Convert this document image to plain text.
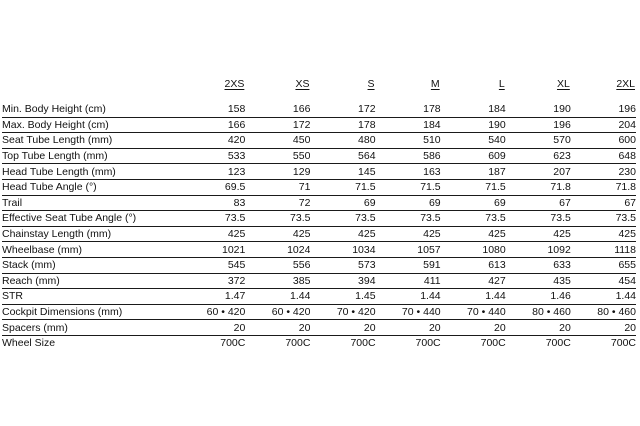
	2XS	XS	S	M	L	XL	2XL

Min. Body Height (cm)	158	166	172	178	184	190	196
Max. Body Height (cm)	166	172	178	184	190	196	204
Seat Tube Length (mm)	420	450	480	510	540	570	600
Top Tube Length (mm)	533	550	564	586	609	623	648
Head Tube Length (mm)	123	129	145	163	187	207	230
Head Tube Angle (°)	69.5	71	71.5	71.5	71.5	71.8	71.8
Trail	83	72	69	69	69	67	67
Effective Seat Tube Angle (°)	73.5	73.5	73.5	73.5	73.5	73.5	73.5
Chainstay Length (mm)	425	425	425	425	425	425	425
Wheelbase (mm)	1021	1024	1034	1057	1080	1092	1118
Stack (mm)	545	556	573	591	613	633	655
Reach (mm)	372	385	394	411	427	435	454
STR	1.47	1.44	1.45	1.44	1.44	1.46	1.44
Cockpit Dimensions (mm)	60 • 420	60 • 420	70 • 420	70 • 440	70 • 440	80 • 460	80 • 460
Spacers (mm)	20	20	20	20	20	20	20
Wheel Size	700C	700C	700C	700C	700C	700C	700C
